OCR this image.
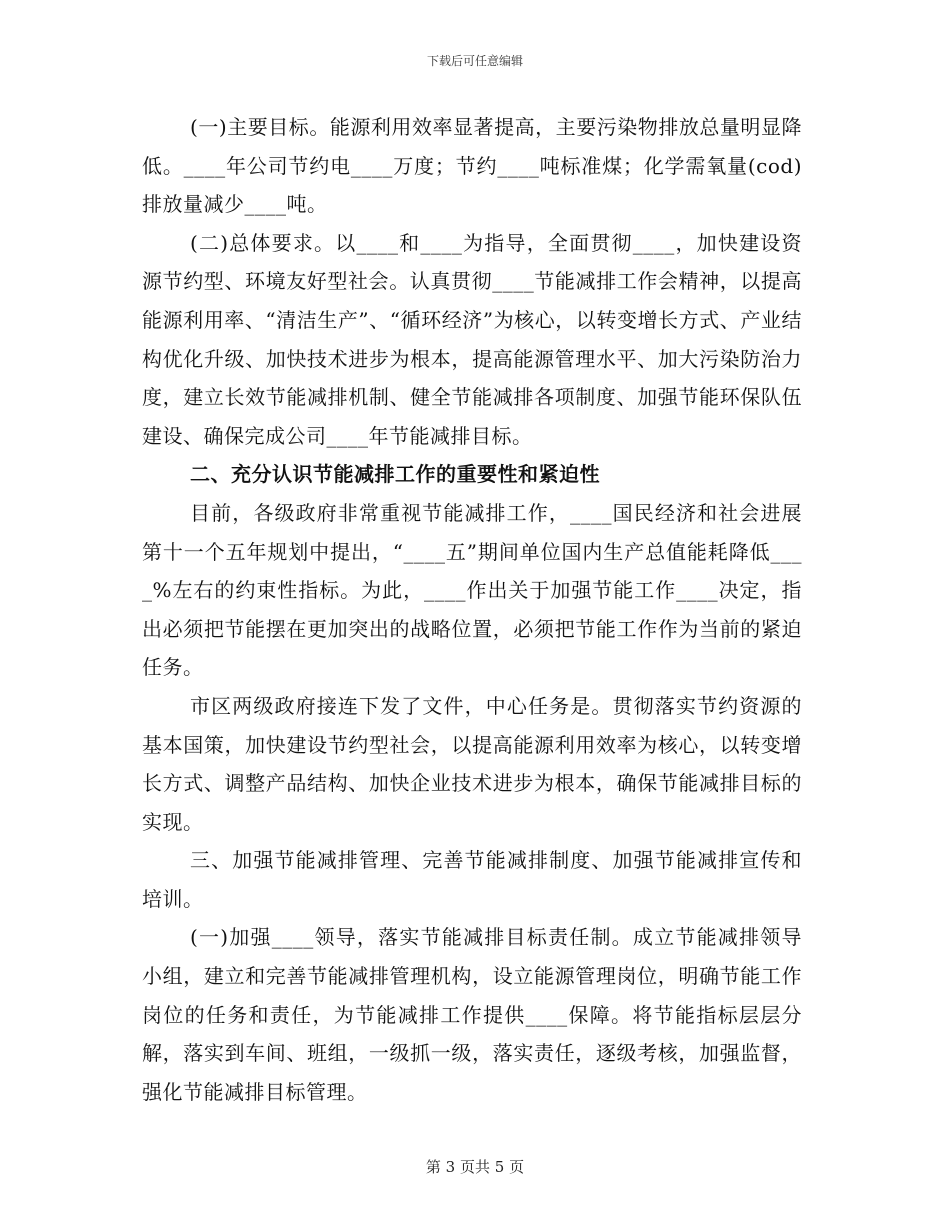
下载后可任意编辑

(一)主要目标。能源利用效率显著提高，主要污染物排放总量明显降低。____年公司节约电____万度；节约____吨标准煤；化学需氧量(cod)排放量减少____吨。

(二)总体要求。以____和____为指导，全面贯彻____，加快建设资源节约型、环境友好型社会。认真贯彻____节能减排工作会精神，以提高能源利用率、“清洁生产”、“循环经济”为核心，以转变增长方式、产业结构优化升级、加快技术进步为根本，提高能源管理水平、加大污染防治力度，建立长效节能减排机制、健全节能减排各项制度、加强节能环保队伍建设、确保完成公司____年节能减排目标。

二、充分认识节能减排工作的重要性和紧迫性

目前，各级政府非常重视节能减排工作，____国民经济和社会进展第十一个五年规划中提出，“____五”期间单位国内生产总值能耗降低____%左右的约束性指标。为此，____作出关于加强节能工作____决定，指出必须把节能摆在更加突出的战略位置，必须把节能工作作为当前的紧迫任务。

市区两级政府接连下发了文件，中心任务是。贯彻落实节约资源的基本国策，加快建设节约型社会，以提高能源利用效率为核心，以转变增长方式、调整产品结构、加快企业技术进步为根本，确保节能减排目标的实现。

三、加强节能减排管理、完善节能减排制度、加强节能减排宣传和培训。

(一)加强____领导，落实节能减排目标责任制。成立节能减排领导小组，建立和完善节能减排管理机构，设立能源管理岗位，明确节能工作岗位的任务和责任，为节能减排工作提供____保障。将节能指标层层分解，落实到车间、班组，一级抓一级，落实责任，逐级考核，加强监督，强化节能减排目标管理。

第 3 页共 5 页
